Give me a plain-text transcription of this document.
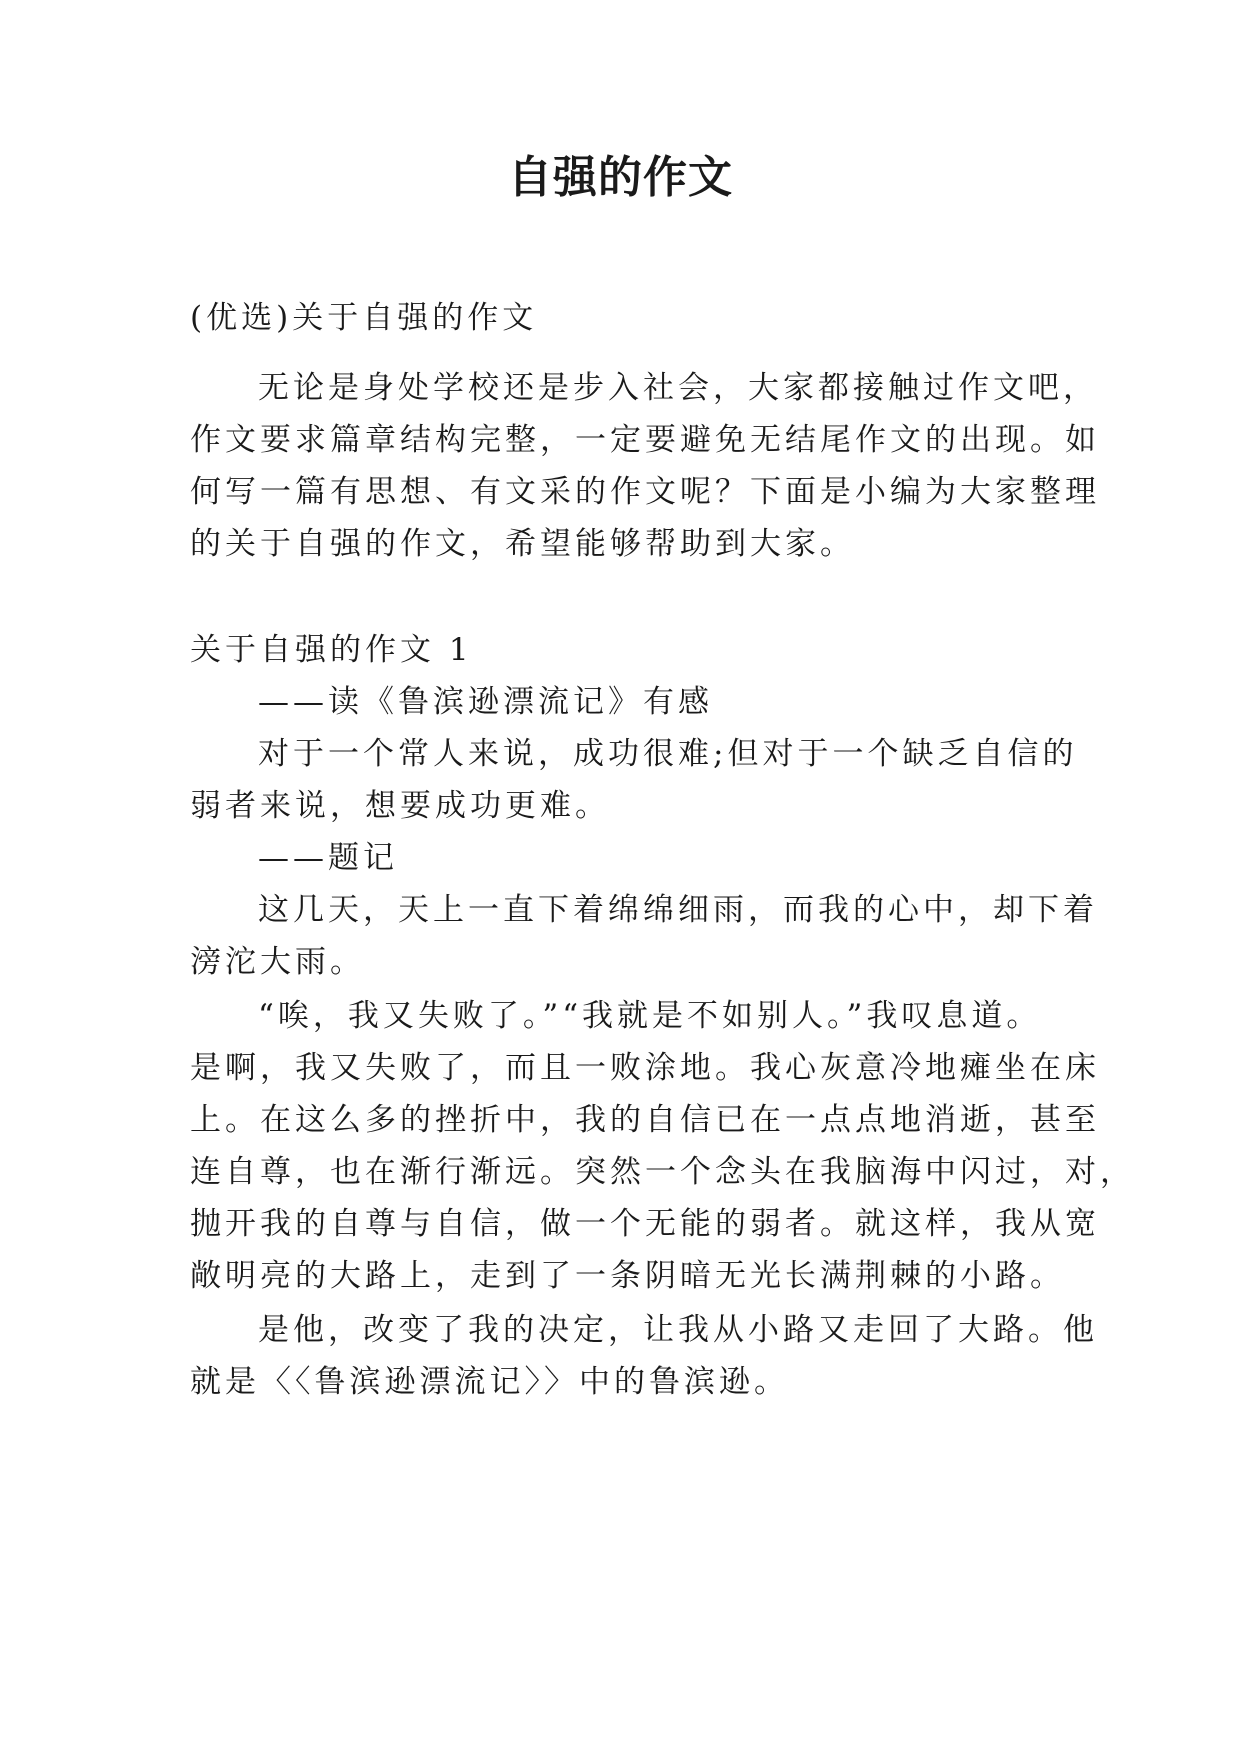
自强的作文
(优选)关于自强的作文
无论是身处学校还是步入社会，大家都接触过作文吧，
作文要求篇章结构完整，一定要避免无结尾作文的出现。如
何写一篇有思想、有文采的作文呢？下面是小编为大家整理
的关于自强的作文，希望能够帮助到大家。
关于自强的作文 1
——读《鲁滨逊漂流记》有感
对于一个常人来说，成功很难;但对于一个缺乏自信的
弱者来说，想要成功更难。
——题记
这几天，天上一直下着绵绵细雨，而我的心中，却下着
滂沱大雨。
“唉，我又失败了。”“我就是不如别人。”我叹息道。
是啊，我又失败了，而且一败涂地。我心灰意冷地瘫坐在床
上。在这么多的挫折中，我的自信已在一点点地消逝，甚至
连自尊，也在渐行渐远。突然一个念头在我脑海中闪过，对，
抛开我的自尊与自信，做一个无能的弱者。就这样，我从宽
敞明亮的大路上，走到了一条阴暗无光长满荆棘的小路。
是他，改变了我的决定，让我从小路又走回了大路。他
就是〈〈鲁滨逊漂流记〉〉中的鲁滨逊。
